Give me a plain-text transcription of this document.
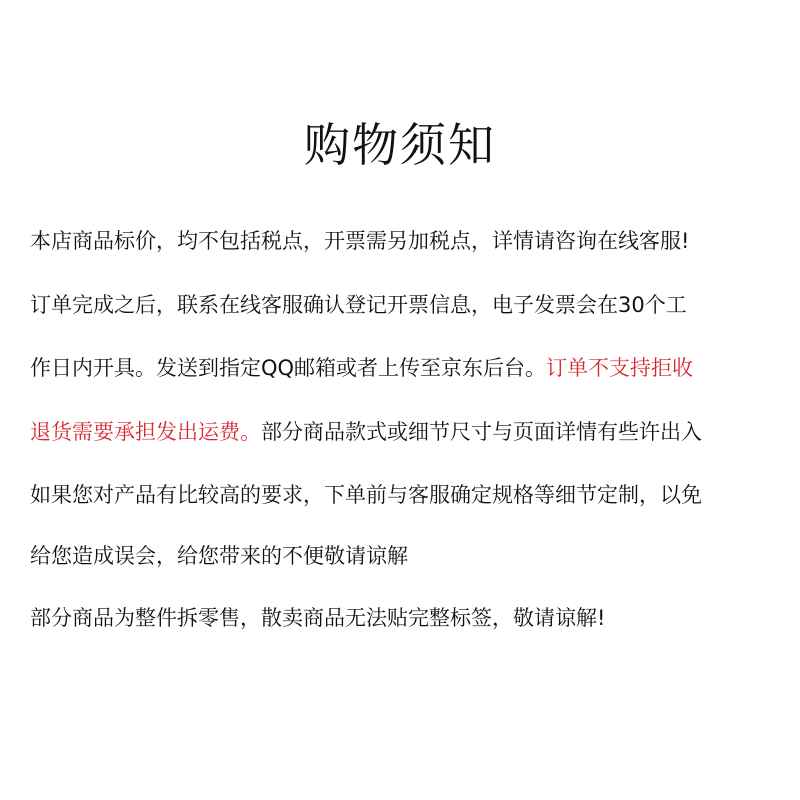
购物须知

本店商品标价，均不包括税点，开票需另加税点，详情请咨询在线客服!

订单完成之后，联系在线客服确认登记开票信息，电子发票会在30个工

作日内开具。发送到指定QQ邮箱或者上传至京东后台。订单不支持拒收

退货需要承担发出运费。部分商品款式或细节尺寸与页面详情有些许出入

如果您对产品有比较高的要求，下单前与客服确定规格等细节定制，以免

给您造成误会，给您带来的不便敬请谅解

部分商品为整件拆零售，散卖商品无法贴完整标签，敬请谅解!
